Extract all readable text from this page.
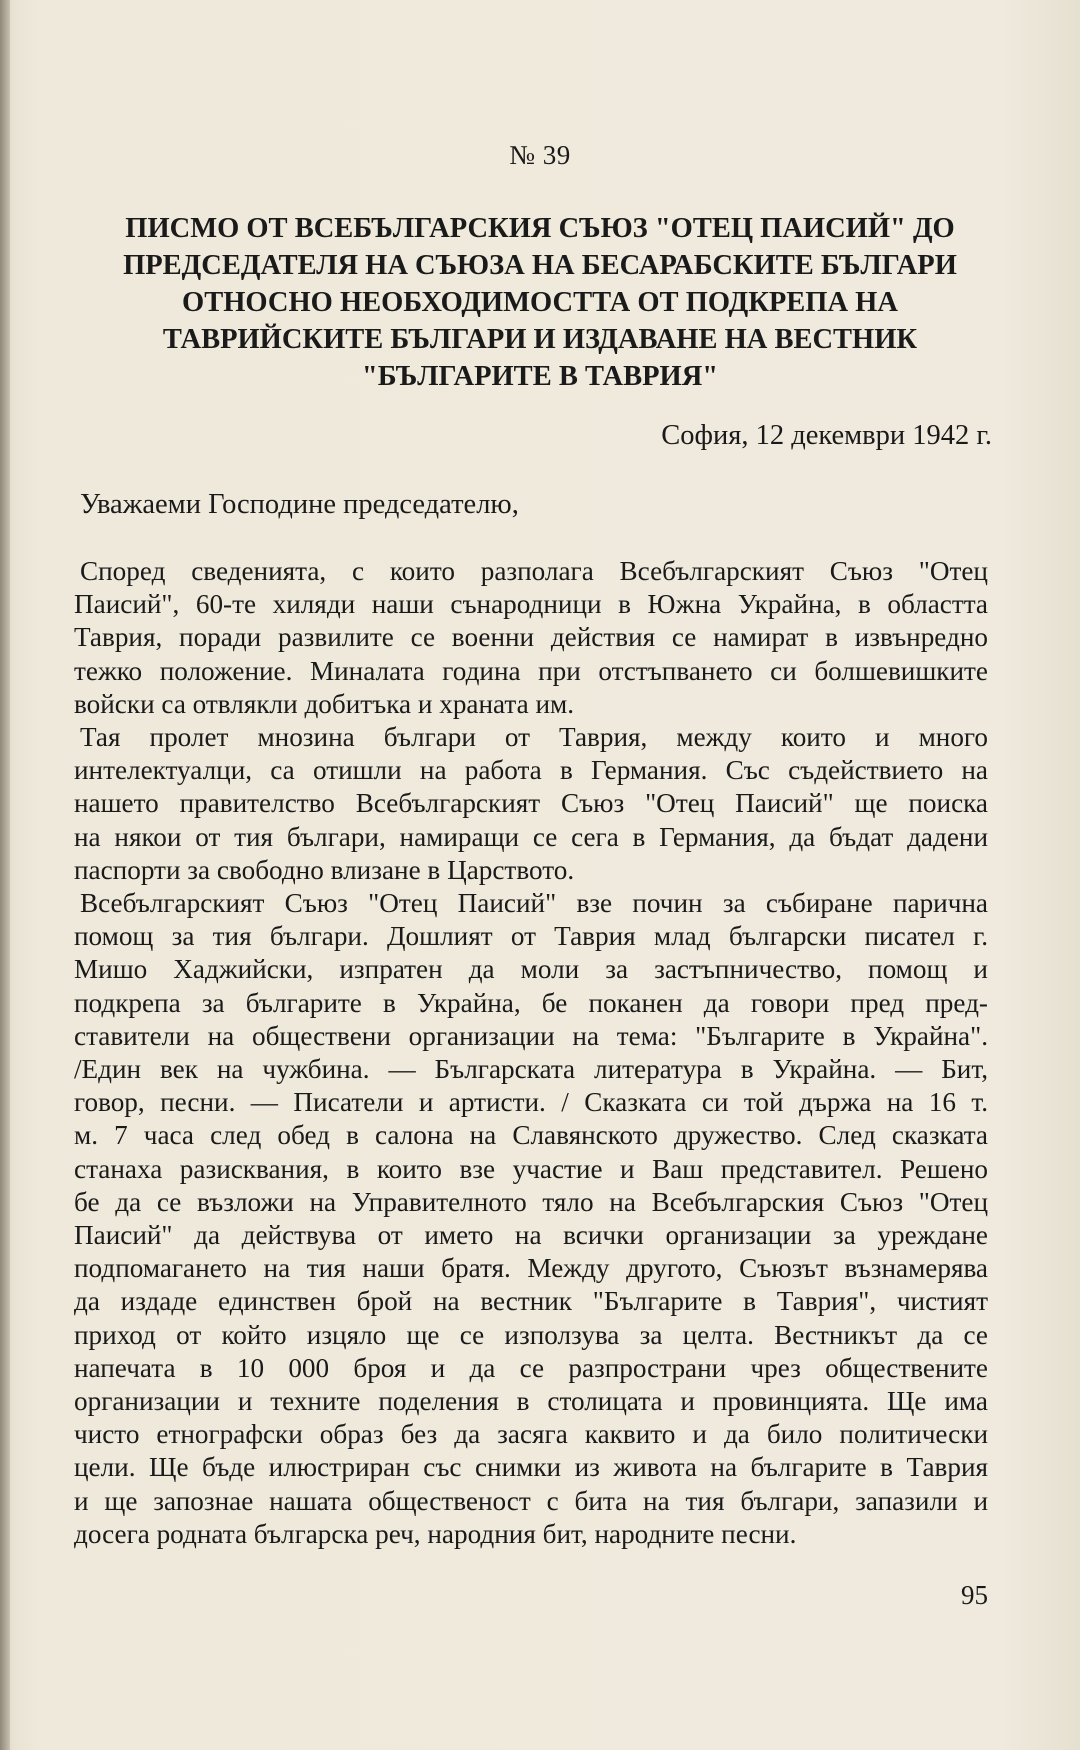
№ 39
ПИСМО ОТ ВСЕБЪЛГАРСКИЯ СЪЮЗ "ОТЕЦ ПАИСИЙ" ДО
ПРЕДСЕДАТЕЛЯ НА СЪЮЗА НА БЕСАРАБСКИТЕ БЪЛГАРИ
ОТНОСНО НЕОБХОДИМОСТТА ОТ ПОДКРЕПА НА
ТАВРИЙСКИТЕ БЪЛГАРИ И ИЗДАВАНЕ НА ВЕСТНИК
"БЪЛГАРИТЕ В ТАВРИЯ"
София, 12 декември 1942 г.
Уважаеми Господине председателю,

Според сведенията, с които разполага Всебългарският Съюз "Отец
Паисий", 60-те хиляди наши сънародници в Южна Украйна, в областта
Таврия, поради развилите се военни действия се намират в извънредно
тежко положение. Миналата година при отстъпването си болшевишките
войски са отвлякли добитъка и храната им.

Тая пролет мнозина българи от Таврия, между които и много
интелектуалци, са отишли на работа в Германия. Със съдействието на
нашето правителство Всебългарският Съюз "Отец Паисий" ще поиска
на някои от тия българи, намиращи се сега в Германия, да бъдат дадени
паспорти за свободно влизане в Царството.

Всебългарският Съюз "Отец Паисий" взе почин за събиране парична
помощ за тия българи. Дошлият от Таврия млад български писател г.
Мишо Хаджийски, изпратен да моли за застъпничество, помощ и
подкрепа за българите в Украйна, бе поканен да говори пред пред-
ставители на обществени организации на тема: "Българите в Украйна".
/Един век на чужбина. — Българската литература в Украйна. — Бит,
говор, песни. — Писатели и артисти. / Сказката си той държа на 16 т.
м. 7 часа след обед в салона на Славянското дружество. След сказката
станаха разисквания, в които взе участие и Ваш представител. Решено
бе да се възложи на Управителното тяло на Всебългарския Съюз "Отец
Паисий" да действува от името на всички организации за уреждане
подпомагането на тия наши братя. Между другото, Съюзът възнамерява
да издаде единствен брой на вестник "Българите в Таврия", чистият
приход от който изцяло ще се използува за целта. Вестникът да се
напечата в 10 000 броя и да се разпространи чрез обществените
организации и техните поделения в столицата и провинцията. Ще има
чисто етнографски образ без да засяга каквито и да било политически
цели. Ще бъде илюстриран със снимки из живота на българите в Таврия
и ще запознае нашата общественост с бита на тия българи, запазили и
досега родната българска реч, народния бит, народните песни.

95
